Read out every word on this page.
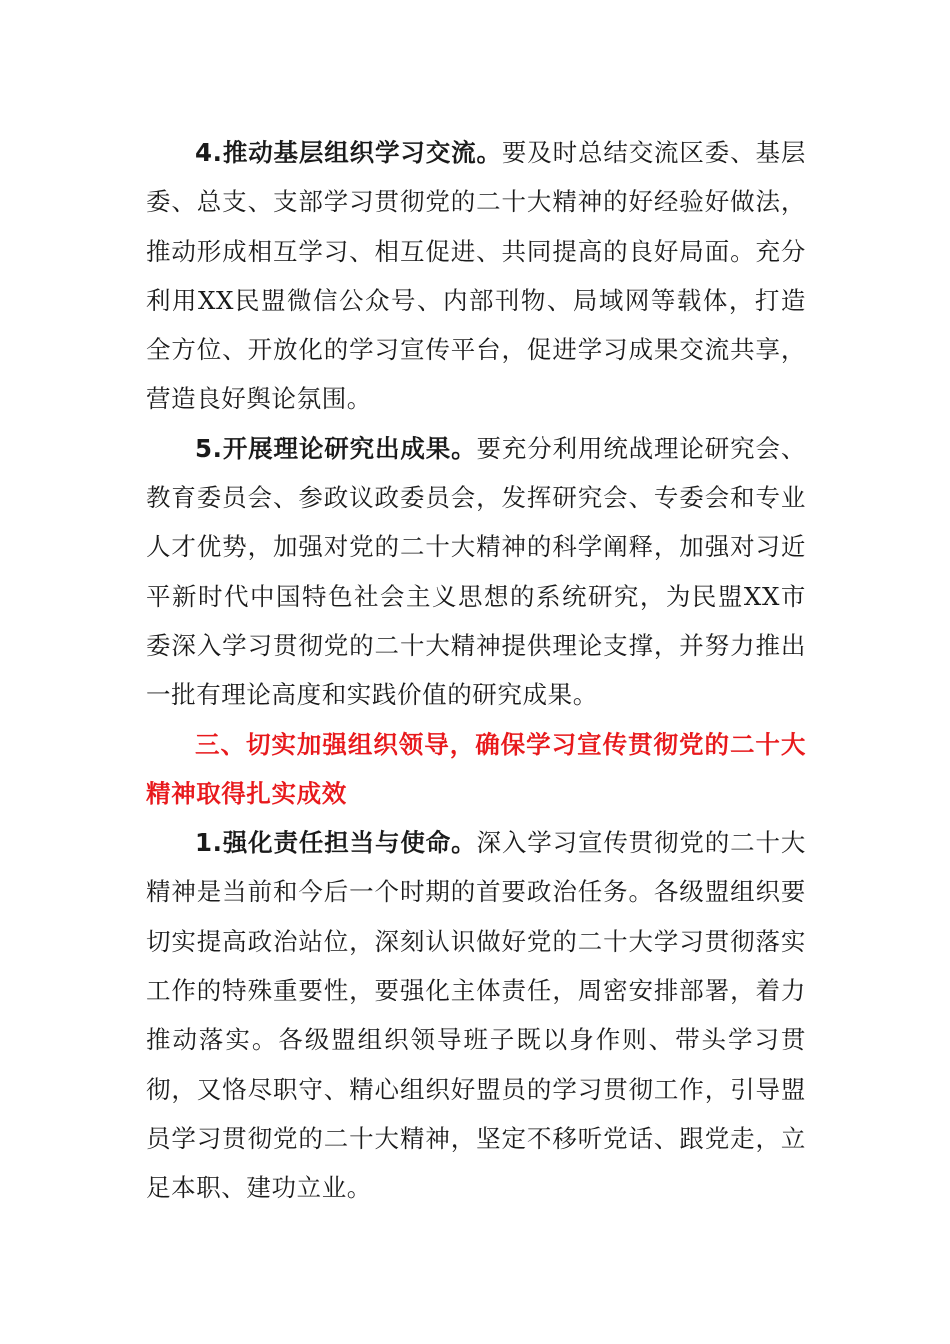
4.推动基层组织学习交流。要及时总结交流区委、基层委、总支、支部学习贯彻党的二十大精神的好经验好做法，推动形成相互学习、相互促进、共同提高的良好局面。充分利用XX民盟微信公众号、内部刊物、局域网等载体，打造全方位、开放化的学习宣传平台，促进学习成果交流共享，营造良好舆论氛围。

5.开展理论研究出成果。要充分利用统战理论研究会、教育委员会、参政议政委员会，发挥研究会、专委会和专业人才优势，加强对党的二十大精神的科学阐释，加强对习近平新时代中国特色社会主义思想的系统研究，为民盟XX市委深入学习贯彻党的二十大精神提供理论支撑，并努力推出一批有理论高度和实践价值的研究成果。

三、切实加强组织领导，确保学习宣传贯彻党的二十大精神取得扎实成效

1.强化责任担当与使命。深入学习宣传贯彻党的二十大精神是当前和今后一个时期的首要政治任务。各级盟组织要切实提高政治站位，深刻认识做好党的二十大学习贯彻落实工作的特殊重要性，要强化主体责任，周密安排部署，着力推动落实。各级盟组织领导班子既以身作则、带头学习贯彻，又恪尽职守、精心组织好盟员的学习贯彻工作，引导盟员学习贯彻党的二十大精神，坚定不移听党话、跟党走，立足本职、建功立业。
